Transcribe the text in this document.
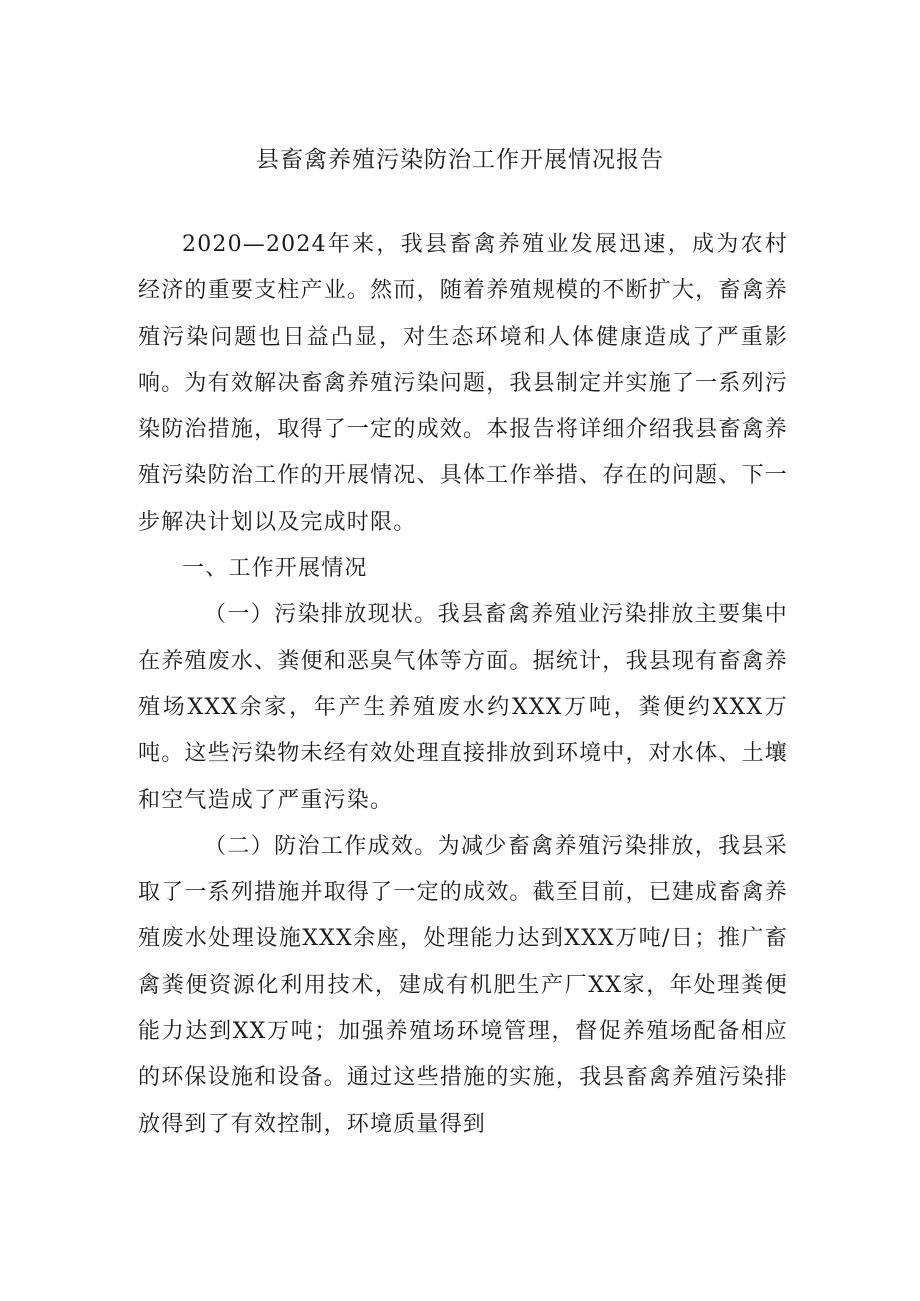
县畜禽养殖污染防治工作开展情况报告

2020—2024年来，我县畜禽养殖业发展迅速，成为农村经济的重要支柱产业。然而，随着养殖规模的不断扩大，畜禽养殖污染问题也日益凸显，对生态环境和人体健康造成了严重影响。为有效解决畜禽养殖污染问题，我县制定并实施了一系列污染防治措施，取得了一定的成效。本报告将详细介绍我县畜禽养殖污染防治工作的开展情况、具体工作举措、存在的问题、下一步解决计划以及完成时限。

一、工作开展情况

（一）污染排放现状。我县畜禽养殖业污染排放主要集中在养殖废水、粪便和恶臭气体等方面。据统计，我县现有畜禽养殖场XXX余家，年产生养殖废水约XXX万吨，粪便约XXX万吨。这些污染物未经有效处理直接排放到环境中，对水体、土壤和空气造成了严重污染。

（二）防治工作成效。为减少畜禽养殖污染排放，我县采取了一系列措施并取得了一定的成效。截至目前，已建成畜禽养殖废水处理设施XXX余座，处理能力达到XXX万吨/日；推广畜禽粪便资源化利用技术，建成有机肥生产厂XX家，年处理粪便能力达到XX万吨；加强养殖场环境管理，督促养殖场配备相应的环保设施和设备。通过这些措施的实施，我县畜禽养殖污染排放得到了有效控制，环境质量得到
